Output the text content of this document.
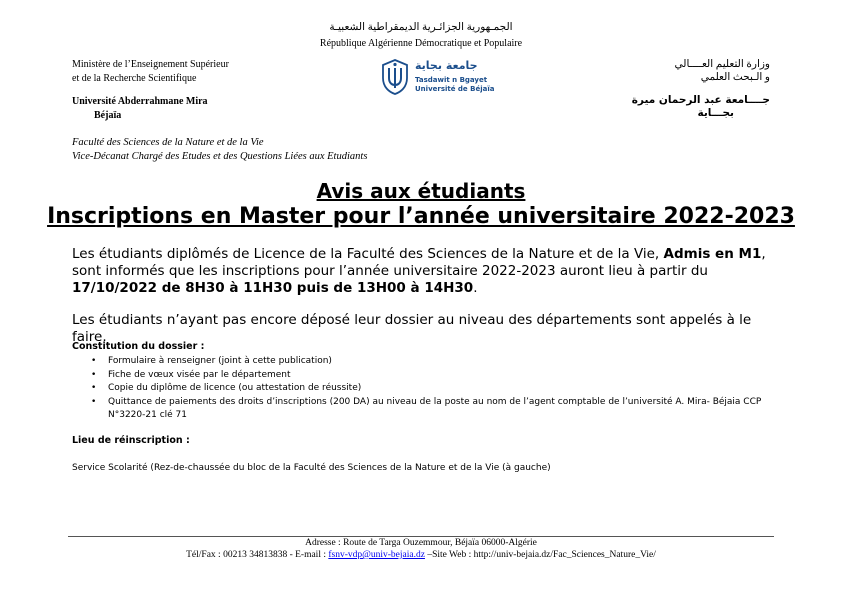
الجمـهورية الجزائـرية الديمقراطية الشعبيـة
République Algérienne Démocratique et Populaire
Ministère de l’Enseignement Supérieur
et de la Recherche Scientifique
Université Abderrahmane Mira
Béjaïa
وزارة التعليم العــــالي
و الـبحث العلمي
جــــامعة عبد الرحمان ميرة
بجـــاية
جامعة بجاية
Tasdawit n Bgayet
Université de Béjaïa
Faculté des Sciences de la Nature et de la Vie
Vice-Décanat Chargé des Etudes et des Questions Liées aux Etudiants
Avis aux étudiants
Inscriptions en Master pour l’année universitaire 2022-2023
Les étudiants diplômés de Licence de la Faculté des Sciences de la Nature et de la Vie, Admis en M1, sont informés que les inscriptions pour l’année universitaire 2022-2023 auront lieu à partir du 17/10/2022 de 8H30 à 11H30 puis de 13H00 à 14H30.
Les étudiants n’ayant pas encore déposé leur dossier au niveau des départements sont appelés à le faire.
Constitution du dossier :
• Formulaire à renseigner (joint à cette publication)
• Fiche de vœux visée par le département
• Copie du diplôme de licence (ou attestation de réussite)
• Quittance de paiements des droits d’inscriptions (200 DA) au niveau de la poste au nom de l’agent comptable de l’université A. Mira- Béjaia CCP N°3220-21 clé 71
Lieu de réinscription :
Service Scolarité (Rez-de-chaussée du bloc de la Faculté des Sciences de la Nature et de la Vie (à gauche)
Adresse : Route de Targa Ouzemmour, Béjaïa 06000-Algérie
Tél/Fax : 00213 34813838 - E-mail : fsnv-vdp@univ-bejaia.dz –Site Web : http://univ-bejaia.dz/Fac_Sciences_Nature_Vie/
